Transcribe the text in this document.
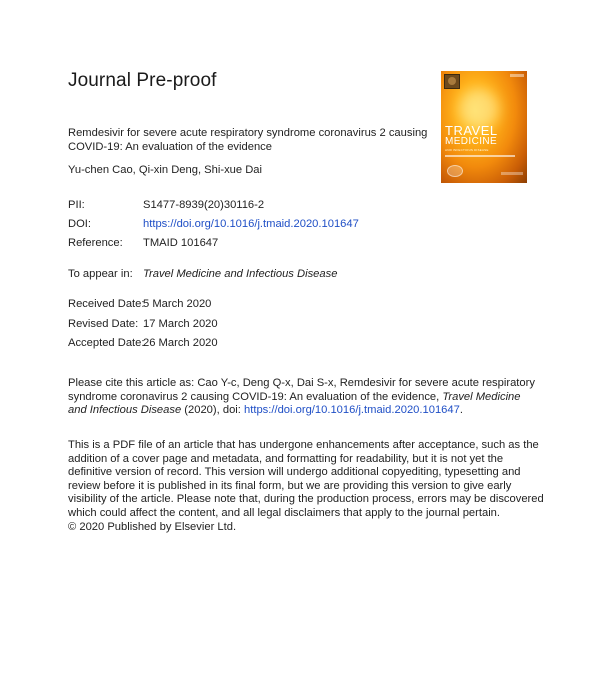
Journal Pre-proof
TRAVEL
MEDICINE
AND INFECTIOUS DISEASE
Remdesivir for severe acute respiratory syndrome coronavirus 2 causing COVID-19: An evaluation of the evidence
Yu-chen Cao, Qi-xin Deng, Shi-xue Dai
PII:	S1477-8939(20)30116-2
DOI:	https://doi.org/10.1016/j.tmaid.2020.101647
Reference: TMAID 101647
To appear in: Travel Medicine and Infectious Disease
Received Date:5 March 2020
Revised Date: 17 March 2020
Accepted Date:26 March 2020
Please cite this article as: Cao Y-c, Deng Q-x, Dai S-x, Remdesivir for severe acute respiratory syndrome coronavirus 2 causing COVID-19: An evaluation of the evidence, Travel Medicine and Infectious Disease (2020), doi: https://doi.org/10.1016/j.tmaid.2020.101647.
This is a PDF file of an article that has undergone enhancements after acceptance, such as the addition of a cover page and metadata, and formatting for readability, but it is not yet the definitive version of record. This version will undergo additional copyediting, typesetting and review before it is published in its final form, but we are providing this version to give early visibility of the article. Please note that, during the production process, errors may be discovered which could affect the content, and all legal disclaimers that apply to the journal pertain.
© 2020 Published by Elsevier Ltd.
